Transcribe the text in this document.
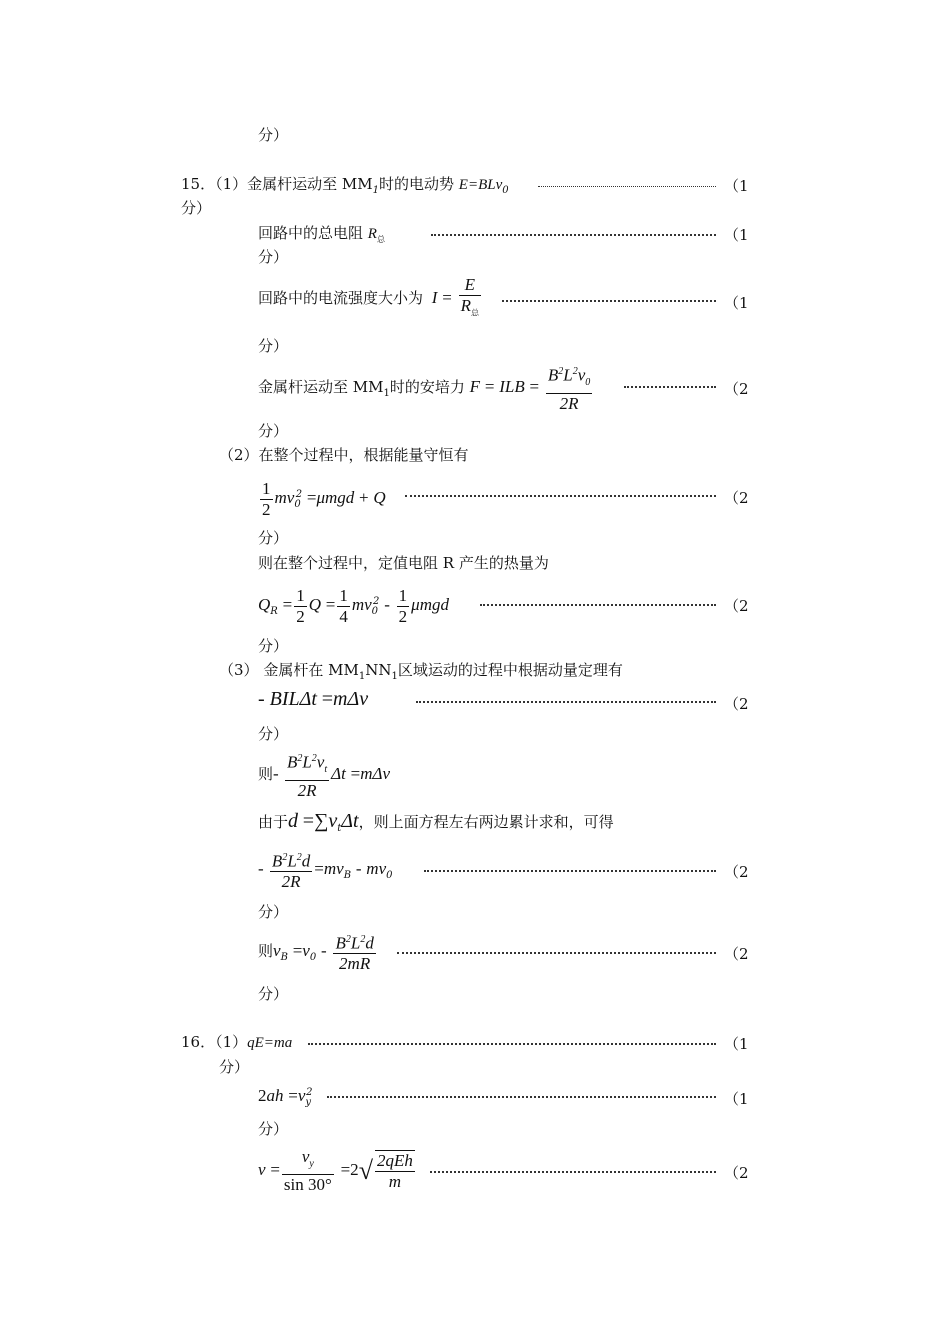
分）
15．（1）金属杆运动至 $MM_1$时的电动势 E=BLv$_0$	（1
分）
回路中的总电阻 $R_总$	（1
分）
回路中的电流强度大小为 $I = \frac{E}{R_总}$	（1
分）
金属杆运动至 $MM_1$时的安培力 F = ILB = $\frac{B^2L^2v_0}{2R}$	（2
分）
（2）在整个过程中，根据能量守恒有
$\frac{1}{2} mv_0^2 =\mu mgd + Q$	（2
分）
则在整个过程中，定值电阻 R 产生的热量为
$Q_R = \frac{1}{2}$ $Q = \frac{1}{4} mv_0^2 - \frac{1}{2}$ μmgd	（2
分）
（3） 金属杆在 $MM_1NN_1$区域运动的过程中根据动量定理有
- BILΔt =mΔv	（2
分）
则- $\frac{B^2L^2v_t}{2R}$ Δt =mΔv
由于$d =\sum v_t\Delta t$，则上面方程左右两边累计求和，可得
- $\frac{B^2L^2d}{2R} =mv_B - mv_0$	（2
分）
则$v_B =v_0 - \frac{B^2L^2d}{2mR}$	（2
分）
16．（1）qE=ma	（1
分）
$2ah =v_y^2$	（1
分）
$v = \frac{v_y}{\sin 30^\circ} =2√ \frac{\text{2qEh}}{m}$	（2
